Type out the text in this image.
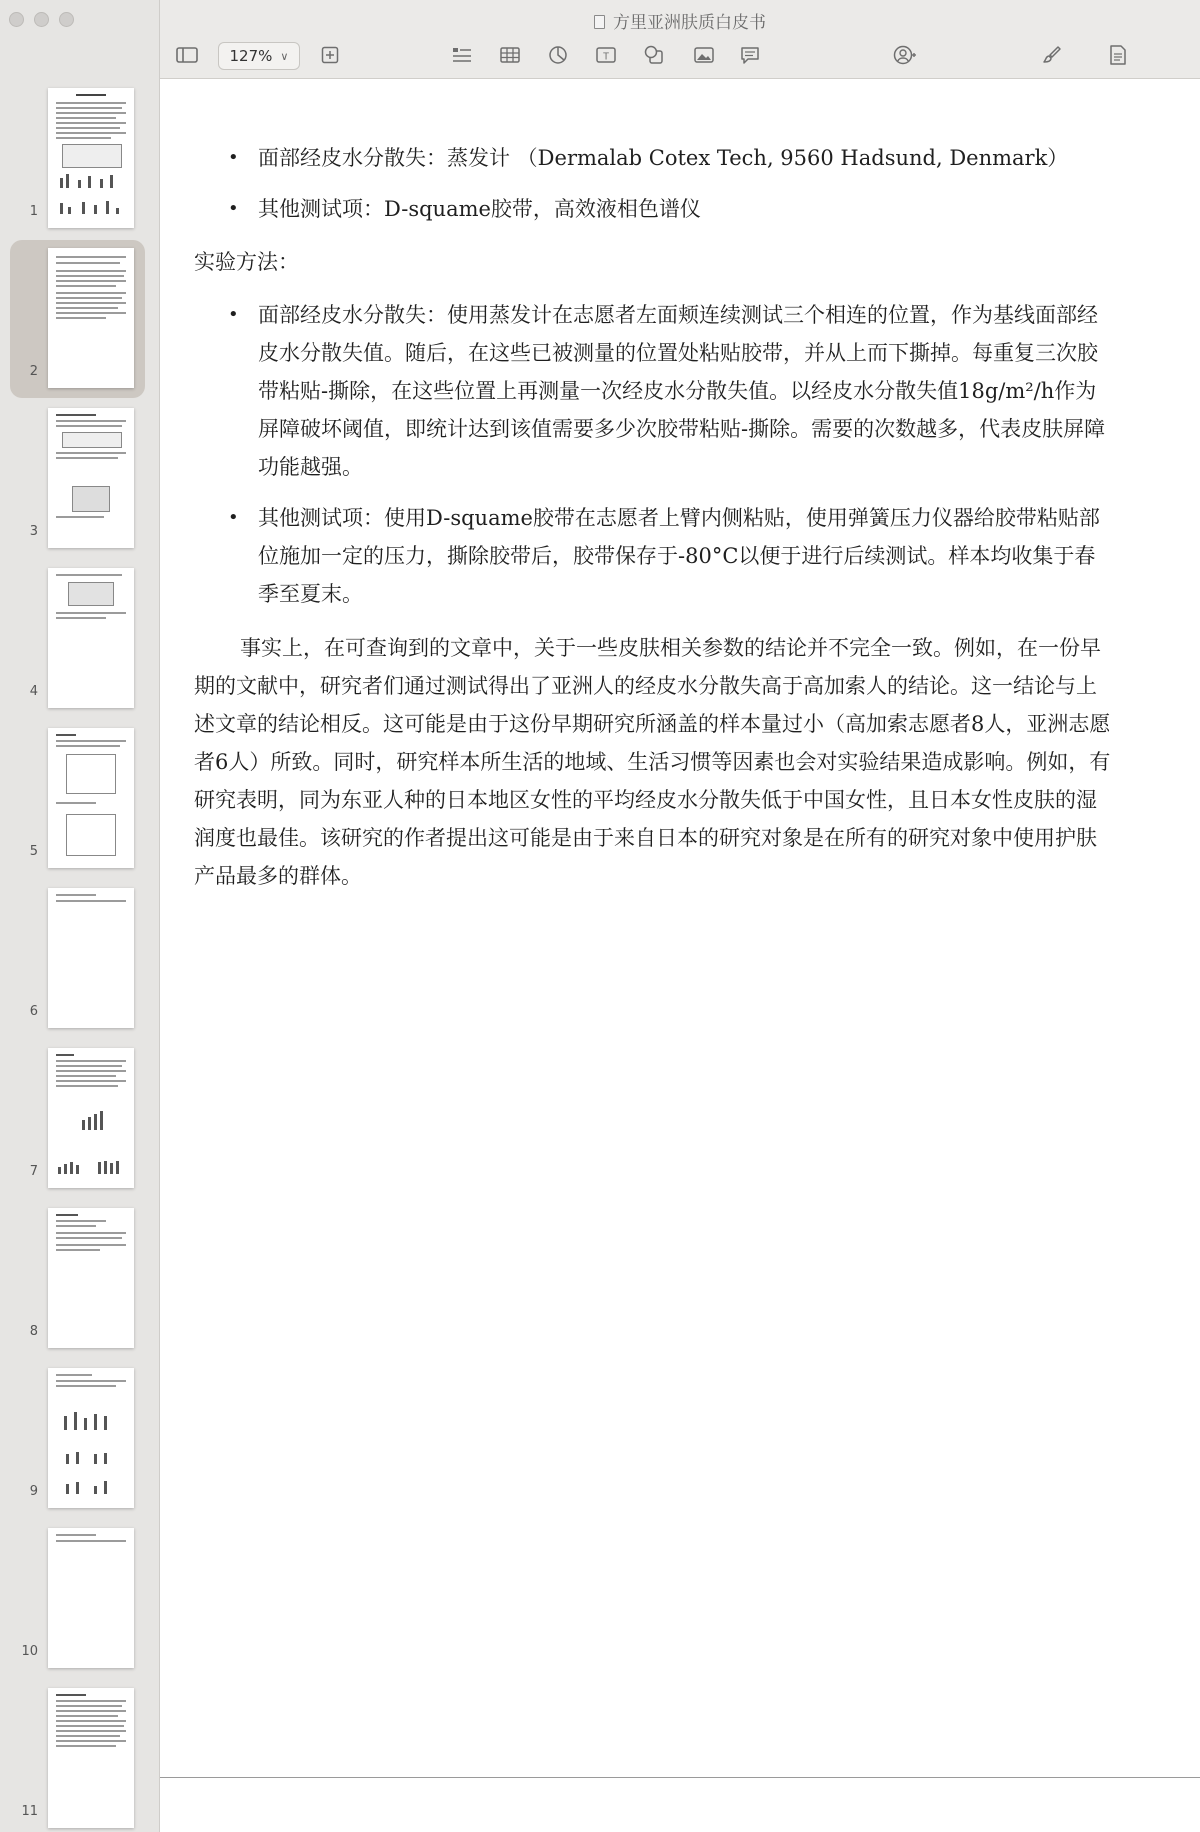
1
2
3
4
5
6
7
8
9
10
11
方里亚洲肤质白皮书
127% ∨	T
• 面部经皮水分散失：蒸发计 （Dermalab Cotex Tech, 9560 Hadsund, Denmark）
• 其他测试项：D-squame胶带，高效液相色谱仪
实验方法：
• 面部经皮水分散失：使用蒸发计在志愿者左面颊连续测试三个相连的位置，作为基线面部经皮水分散失值。随后，在这些已被测量的位置处粘贴胶带，并从上而下撕掉。每重复三次胶带粘贴-撕除，在这些位置上再测量一次经皮水分散失值。以经皮水分散失值18g/m²/h作为屏障破坏阈值，即统计达到该值需要多少次胶带粘贴-撕除。需要的次数越多，代表皮肤屏障功能越强。
• 其他测试项：使用D-squame胶带在志愿者上臂内侧粘贴，使用弹簧压力仪器给胶带粘贴部位施加一定的压力，撕除胶带后，胶带保存于-80°C以便于进行后续测试。样本均收集于春季至夏末。
事实上，在可查询到的文章中，关于一些皮肤相关参数的结论并不完全一致。例如，在一份早期的文献中，研究者们通过测试得出了亚洲人的经皮水分散失高于高加索人的结论。这一结论与上述文章的结论相反。这可能是由于这份早期研究所涵盖的样本量过小（高加索志愿者8人，亚洲志愿者6人）所致。同时，研究样本所生活的地域、生活习惯等因素也会对实验结果造成影响。例如，有研究表明，同为东亚人种的日本地区女性的平均经皮水分散失低于中国女性，且日本女性皮肤的湿润度也最佳。该研究的作者提出这可能是由于来自日本的研究对象是在所有的研究对象中使用护肤产品最多的群体。
